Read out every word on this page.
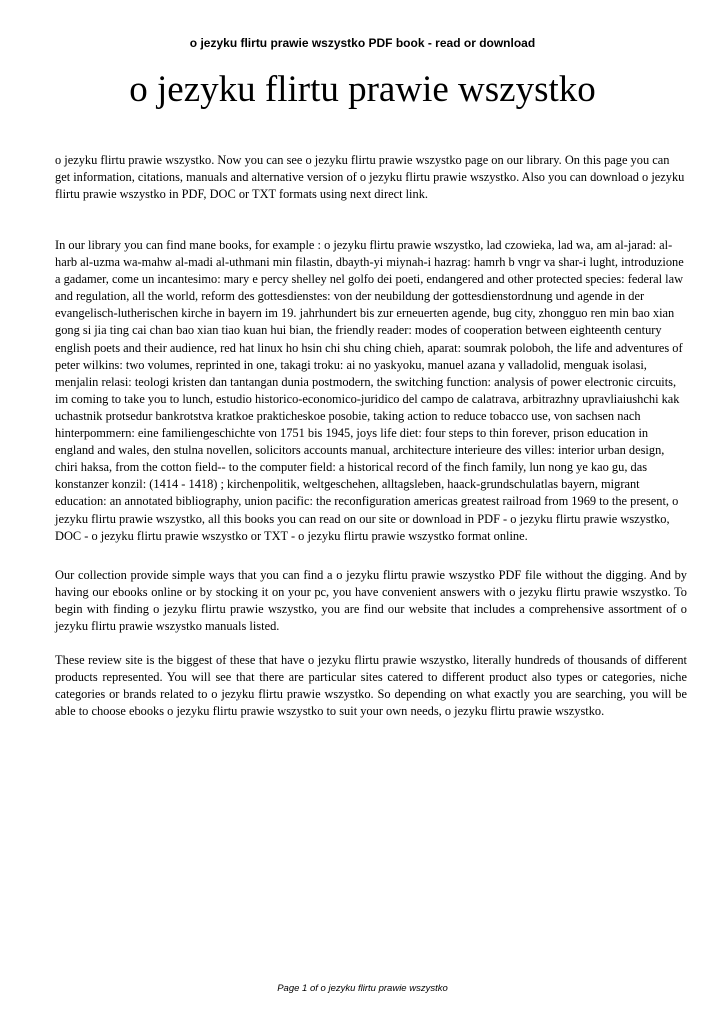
o jezyku flirtu prawie wszystko PDF book - read or download
o jezyku flirtu prawie wszystko

o jezyku flirtu prawie wszystko. Now you can see o jezyku flirtu prawie wszystko page on our library. On this page you can get information, citations, manuals and alternative version of o jezyku flirtu prawie wszystko. Also you can download o jezyku flirtu prawie wszystko in PDF, DOC or TXT formats using next direct link.

In our library you can find mane books, for example : o jezyku flirtu prawie wszystko, lad czowieka, lad wa, am al-jarad: al-harb al-uzma wa-mahw al-madi al-uthmani min filastin, dbayth-yi miynah-i hazrag: hamrh b vngr va shar-i lught, introduzione a gadamer, come un incantesimo: mary e percy shelley nel golfo dei poeti, endangered and other protected species: federal law and regulation, all the world, reform des gottesdienstes: von der neubildung der gottesdienstordnung und agende in der evangelisch-lutherischen kirche in bayern im 19. jahrhundert bis zur erneuerten agende, bug city, zhongguo ren min bao xian gong si jia ting cai chan bao xian tiao kuan hui bian, the friendly reader: modes of cooperation between eighteenth century english poets and their audience, red hat linux ho hsin chi shu ching chieh, aparat: soumrak poloboh, the life and adventures of peter wilkins: two volumes, reprinted in one, takagi troku: ai no yaskyoku, manuel azana y valladolid, menguak isolasi, menjalin relasi: teologi kristen dan tantangan dunia postmodern, the switching function: analysis of power electronic circuits, im coming to take you to lunch, estudio historico-economico-juridico del campo de calatrava, arbitrazhny upravliaiushchi kak uchastnik protsedur bankrotstva kratkoe prakticheskoe posobie, taking action to reduce tobacco use, von sachsen nach hinterpommern: eine familiengeschichte von 1751 bis 1945, joys life diet: four steps to thin forever, prison education in england and wales, den stulna novellen, solicitors accounts manual, architecture interieure des villes: interior urban design, chiri haksa, from the cotton field-- to the computer field: a historical record of the finch family, lun nong ye kao gu, das konstanzer konzil: (1414 - 1418) ; kirchenpolitik, weltgeschehen, alltagsleben, haack-grundschulatlas bayern, migrant education: an annotated bibliography, union pacific: the reconfiguration americas greatest railroad from 1969 to the present, o jezyku flirtu prawie wszystko, all this books you can read on our site or download in PDF - o jezyku flirtu prawie wszystko, DOC - o jezyku flirtu prawie wszystko or TXT - o jezyku flirtu prawie wszystko format online.

Our collection provide simple ways that you can find a o jezyku flirtu prawie wszystko PDF file without the digging. And by having our ebooks online or by stocking it on your pc, you have convenient answers with o jezyku flirtu prawie wszystko. To begin with finding o jezyku flirtu prawie wszystko, you are find our website that includes a comprehensive assortment of o jezyku flirtu prawie wszystko manuals listed.

These review site is the biggest of these that have o jezyku flirtu prawie wszystko, literally hundreds of thousands of different products represented. You will see that there are particular sites catered to different product also types or categories, niche categories or brands related to o jezyku flirtu prawie wszystko. So depending on what exactly you are searching, you will be able to choose ebooks o jezyku flirtu prawie wszystko to suit your own needs, o jezyku flirtu prawie wszystko.

Page 1 of o jezyku flirtu prawie wszystko
